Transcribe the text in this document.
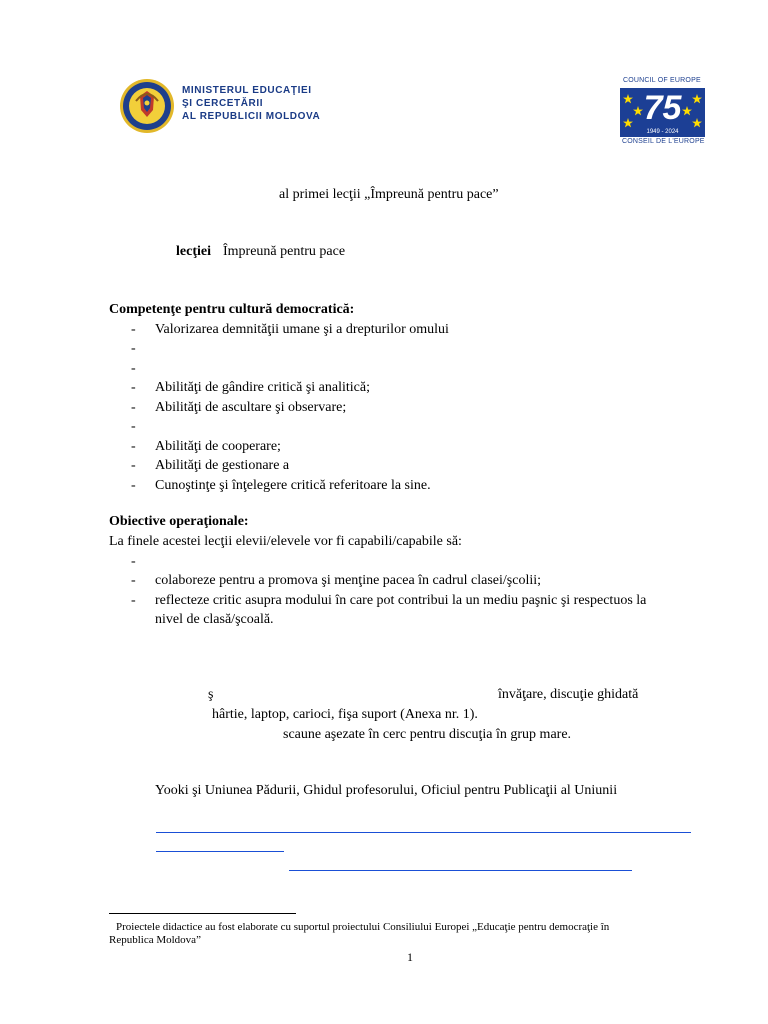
MINISTERUL EDUCAŢIEI
ŞI CERCETĂRII
AL REPUBLICII MOLDOVA
COUNCIL OF EUROPE
75
1949 - 2024
CONSEIL DE L'EUROPE
al primei lecţii „Împreună pentru pace”
lecţiei Împreună pentru pace
Competenţe pentru cultură democratică:
- Valorizarea demnităţii umane şi a drepturilor omului
-
-
- Abilităţi de gândire critică şi analitică;
- Abilităţi de ascultare şi observare;
-
- Abilităţi de cooperare;
- Abilităţi de gestionare a
- Cunoştinţe şi înţelegere critică referitoare la sine.
Obiective operaţionale:
La finele acestei lecţii elevii/elevele vor fi capabili/capabile să:
-
- colaboreze pentru a promova şi menţine pacea în cadrul clasei/şcolii;
- reflecteze critic asupra modului în care pot contribui la un mediu paşnic şi respectuos la
nivel de clasă/şcoală.
ş	învăţare, discuţie ghidată
hârtie, laptop, carioci, fişa suport (Anexa nr. 1).
scaune aşezate în cerc pentru discuţia în grup mare.
Yooki şi Uniunea Pădurii, Ghidul profesorului, Oficiul pentru Publicaţii al Uniunii
Proiectele didactice au fost elaborate cu suportul proiectului Consiliului Europei „Educaţie pentru democraţie în
Republica Moldova”
1
